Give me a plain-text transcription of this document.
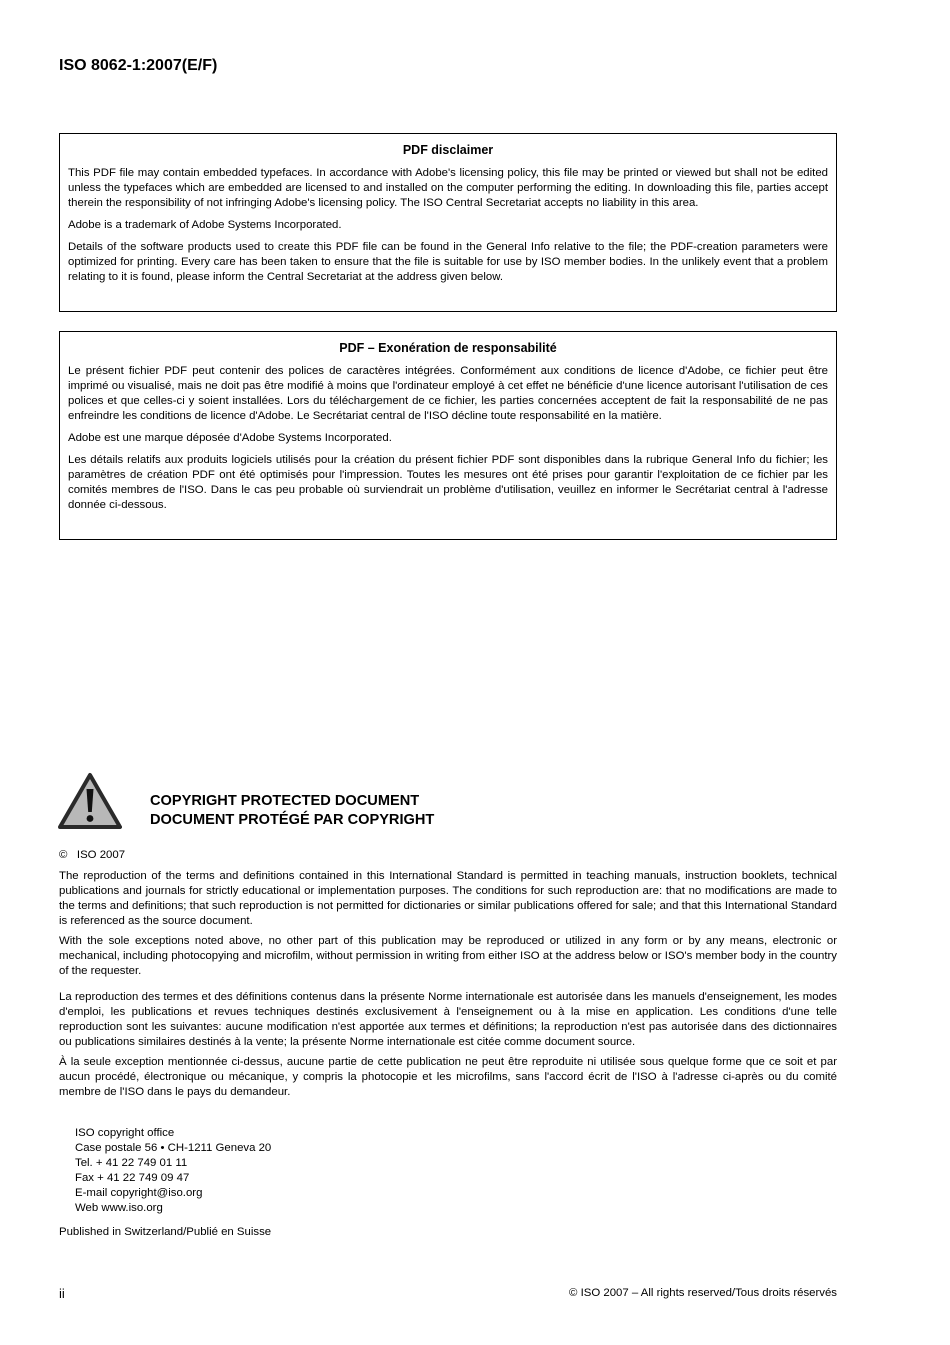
ISO 8062-1:2007(E/F)
PDF disclaimer

This PDF file may contain embedded typefaces. In accordance with Adobe's licensing policy, this file may be printed or viewed but shall not be edited unless the typefaces which are embedded are licensed to and installed on the computer performing the editing. In downloading this file, parties accept therein the responsibility of not infringing Adobe's licensing policy. The ISO Central Secretariat accepts no liability in this area.

Adobe is a trademark of Adobe Systems Incorporated.

Details of the software products used to create this PDF file can be found in the General Info relative to the file; the PDF-creation parameters were optimized for printing. Every care has been taken to ensure that the file is suitable for use by ISO member bodies. In the unlikely event that a problem relating to it is found, please inform the Central Secretariat at the address given below.

PDF – Exonération de responsabilité

Le présent fichier PDF peut contenir des polices de caractères intégrées. Conformément aux conditions de licence d'Adobe, ce fichier peut être imprimé ou visualisé, mais ne doit pas être modifié à moins que l'ordinateur employé à cet effet ne bénéficie d'une licence autorisant l'utilisation de ces polices et que celles-ci y soient installées. Lors du téléchargement de ce fichier, les parties concernées acceptent de fait la responsabilité de ne pas enfreindre les conditions de licence d'Adobe. Le Secrétariat central de l'ISO décline toute responsabilité en la matière.

Adobe est une marque déposée d'Adobe Systems Incorporated.

Les détails relatifs aux produits logiciels utilisés pour la création du présent fichier PDF sont disponibles dans la rubrique General Info du fichier; les paramètres de création PDF ont été optimisés pour l'impression. Toutes les mesures ont été prises pour garantir l'exploitation de ce fichier par les comités membres de l'ISO. Dans le cas peu probable où surviendrait un problème d'utilisation, veuillez en informer le Secrétariat central à l'adresse donnée ci-dessous.

COPYRIGHT PROTECTED DOCUMENT
DOCUMENT PROTÉGÉ PAR COPYRIGHT
© ISO 2007

The reproduction of the terms and definitions contained in this International Standard is permitted in teaching manuals, instruction booklets, technical publications and journals for strictly educational or implementation purposes. The conditions for such reproduction are: that no modifications are made to the terms and definitions; that such reproduction is not permitted for dictionaries or similar publications offered for sale; and that this International Standard is referenced as the source document.

With the sole exceptions noted above, no other part of this publication may be reproduced or utilized in any form or by any means, electronic or mechanical, including photocopying and microfilm, without permission in writing from either ISO at the address below or ISO's member body in the country of the requester.

La reproduction des termes et des définitions contenus dans la présente Norme internationale est autorisée dans les manuels d'enseignement, les modes d'emploi, les publications et revues techniques destinés exclusivement à l'enseignement ou à la mise en application. Les conditions d'une telle reproduction sont les suivantes: aucune modification n'est apportée aux termes et définitions; la reproduction n'est pas autorisée dans des dictionnaires ou publications similaires destinés à la vente; la présente Norme internationale est citée comme document source.

À la seule exception mentionnée ci-dessus, aucune partie de cette publication ne peut être reproduite ni utilisée sous quelque forme que ce soit et par aucun procédé, électronique ou mécanique, y compris la photocopie et les microfilms, sans l'accord écrit de l'ISO à l'adresse ci-après ou du comité membre de l'ISO dans le pays du demandeur.

ISO copyright office
Case postale 56 • CH-1211 Geneva 20
Tel. + 41 22 749 01 11
Fax + 41 22 749 09 47
E-mail copyright@iso.org
Web www.iso.org
Published in Switzerland/Publié en Suisse
ii	© ISO 2007 – All rights reserved/Tous droits réservés
